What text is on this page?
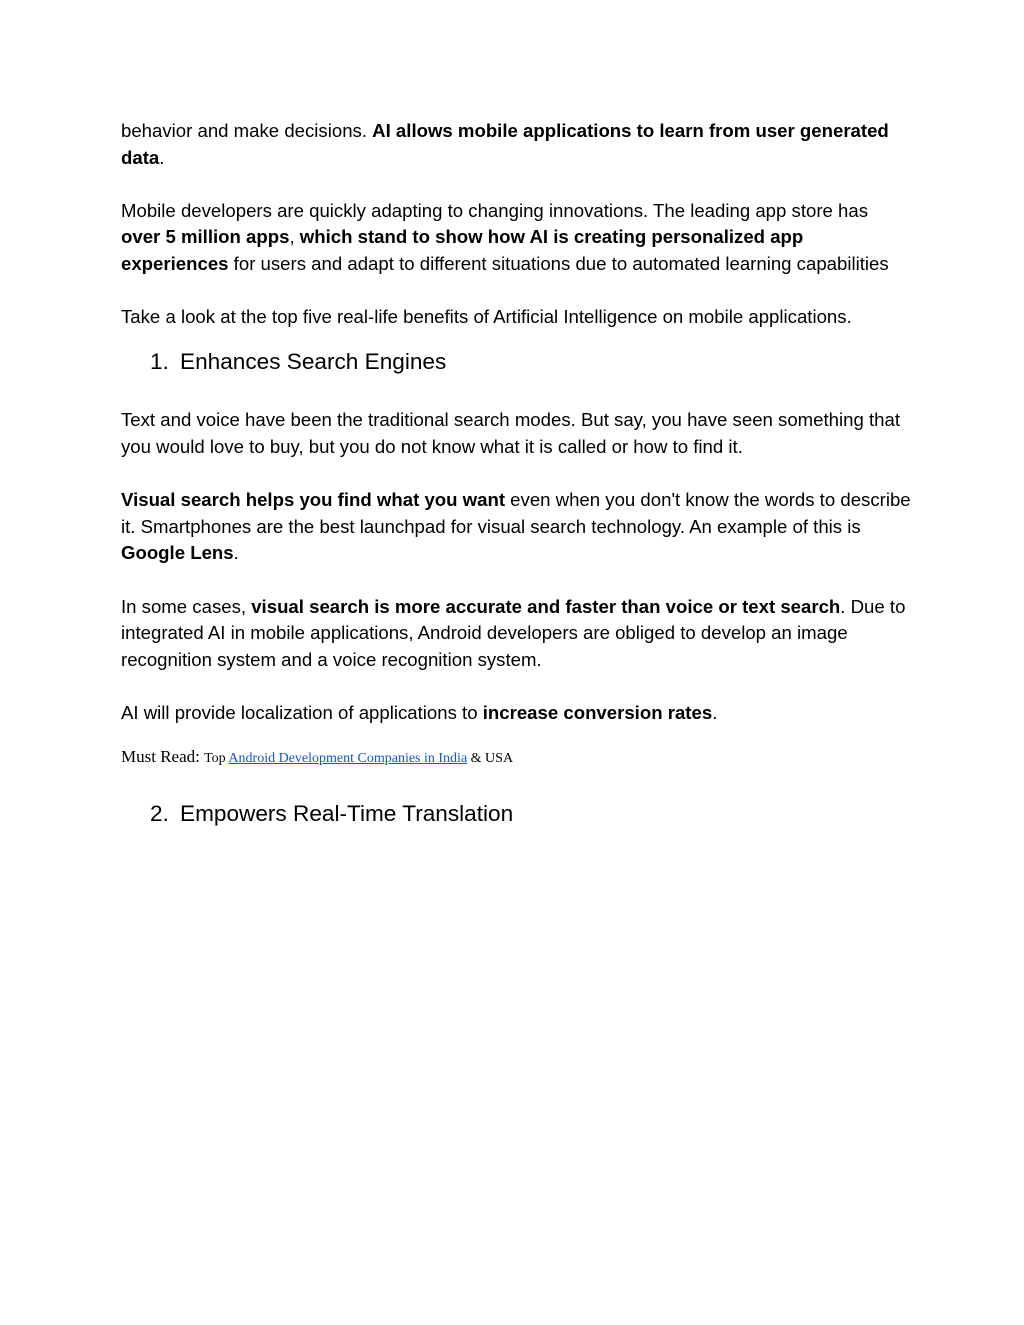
behavior and make decisions. AI allows mobile applications to learn from user generated data.

Mobile developers are quickly adapting to changing innovations. The leading app store has over 5 million apps, which stand to show how AI is creating personalized app experiences for users and adapt to different situations due to automated learning capabilities

Take a look at the top five real-life benefits of Artificial Intelligence on mobile applications.

1. Enhances Search Engines

Text and voice have been the traditional search modes. But say, you have seen something that you would love to buy, but you do not know what it is called or how to find it.

Visual search helps you find what you want even when you don't know the words to describe it. Smartphones are the best launchpad for visual search technology. An example of this is Google Lens.

In some cases, visual search is more accurate and faster than voice or text search. Due to integrated AI in mobile applications, Android developers are obliged to develop an image recognition system and a voice recognition system.

AI will provide localization of applications to increase conversion rates.

Must Read: Top Android Development Companies in India & USA
2. Empowers Real-Time Translation
